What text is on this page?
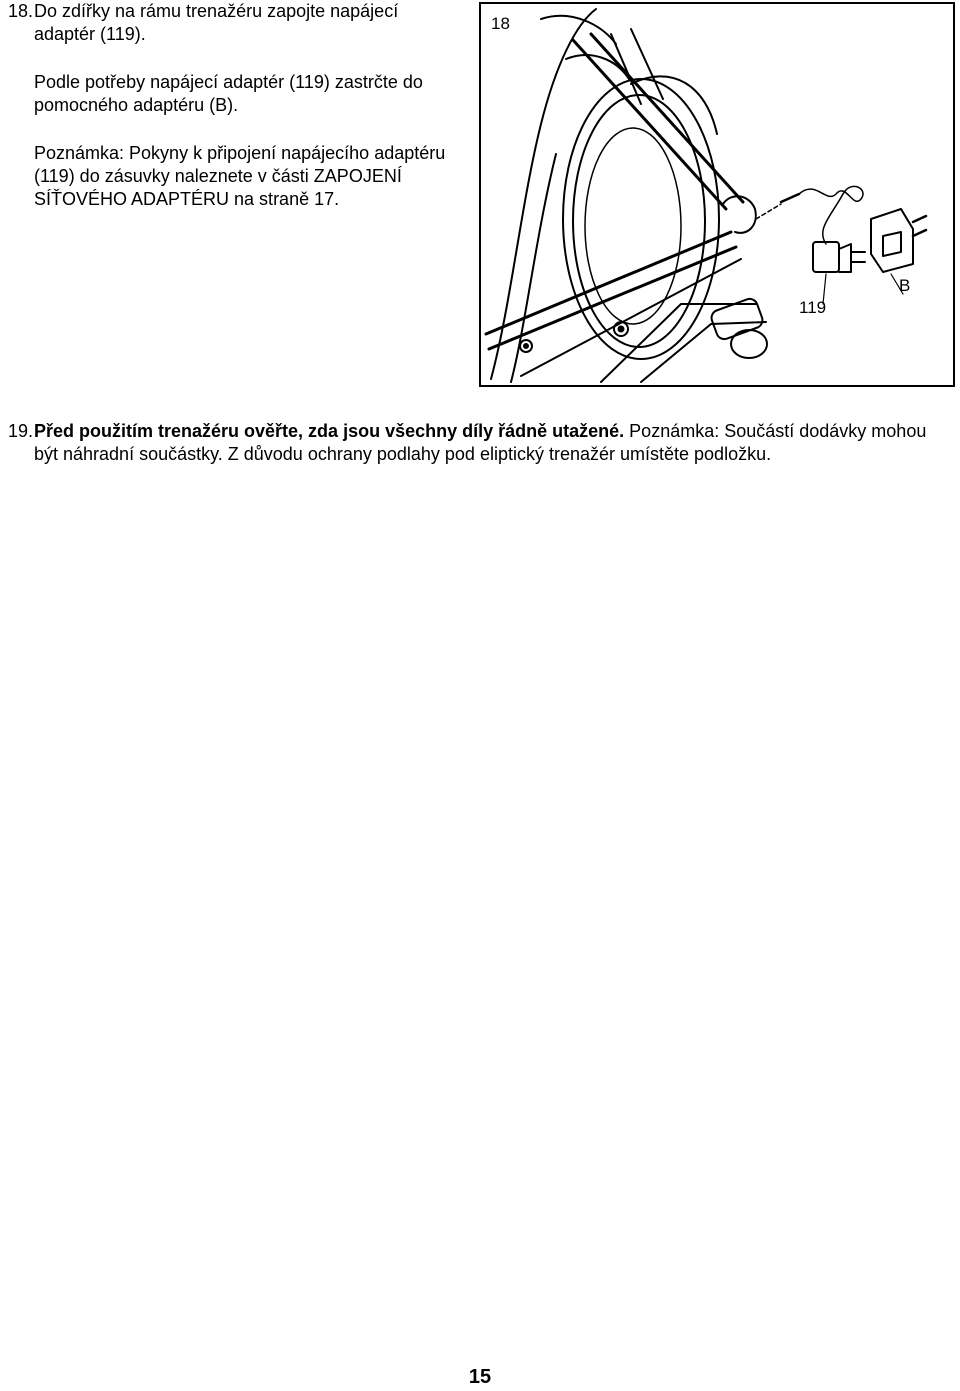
18. Do zdířky na rámu trenažéru zapojte napájecí adaptér (119).

Podle potřeby napájecí adaptér (119) zastrčte do pomocného adaptéru (B).

Poznámka: Pokyny k připojení napájecího adaptéru (119) do zásuvky naleznete v části ZAPOJENÍ SÍŤOVÉHO ADAPTÉRU na straně 17.

18
119
B
19. Před použitím trenažéru ověřte, zda jsou všechny díly řádně utažené. Poznámka: Součástí dodávky mohou být náhradní součástky. Z důvodu ochrany podlahy pod eliptický trenažér umístěte podložku.
15
